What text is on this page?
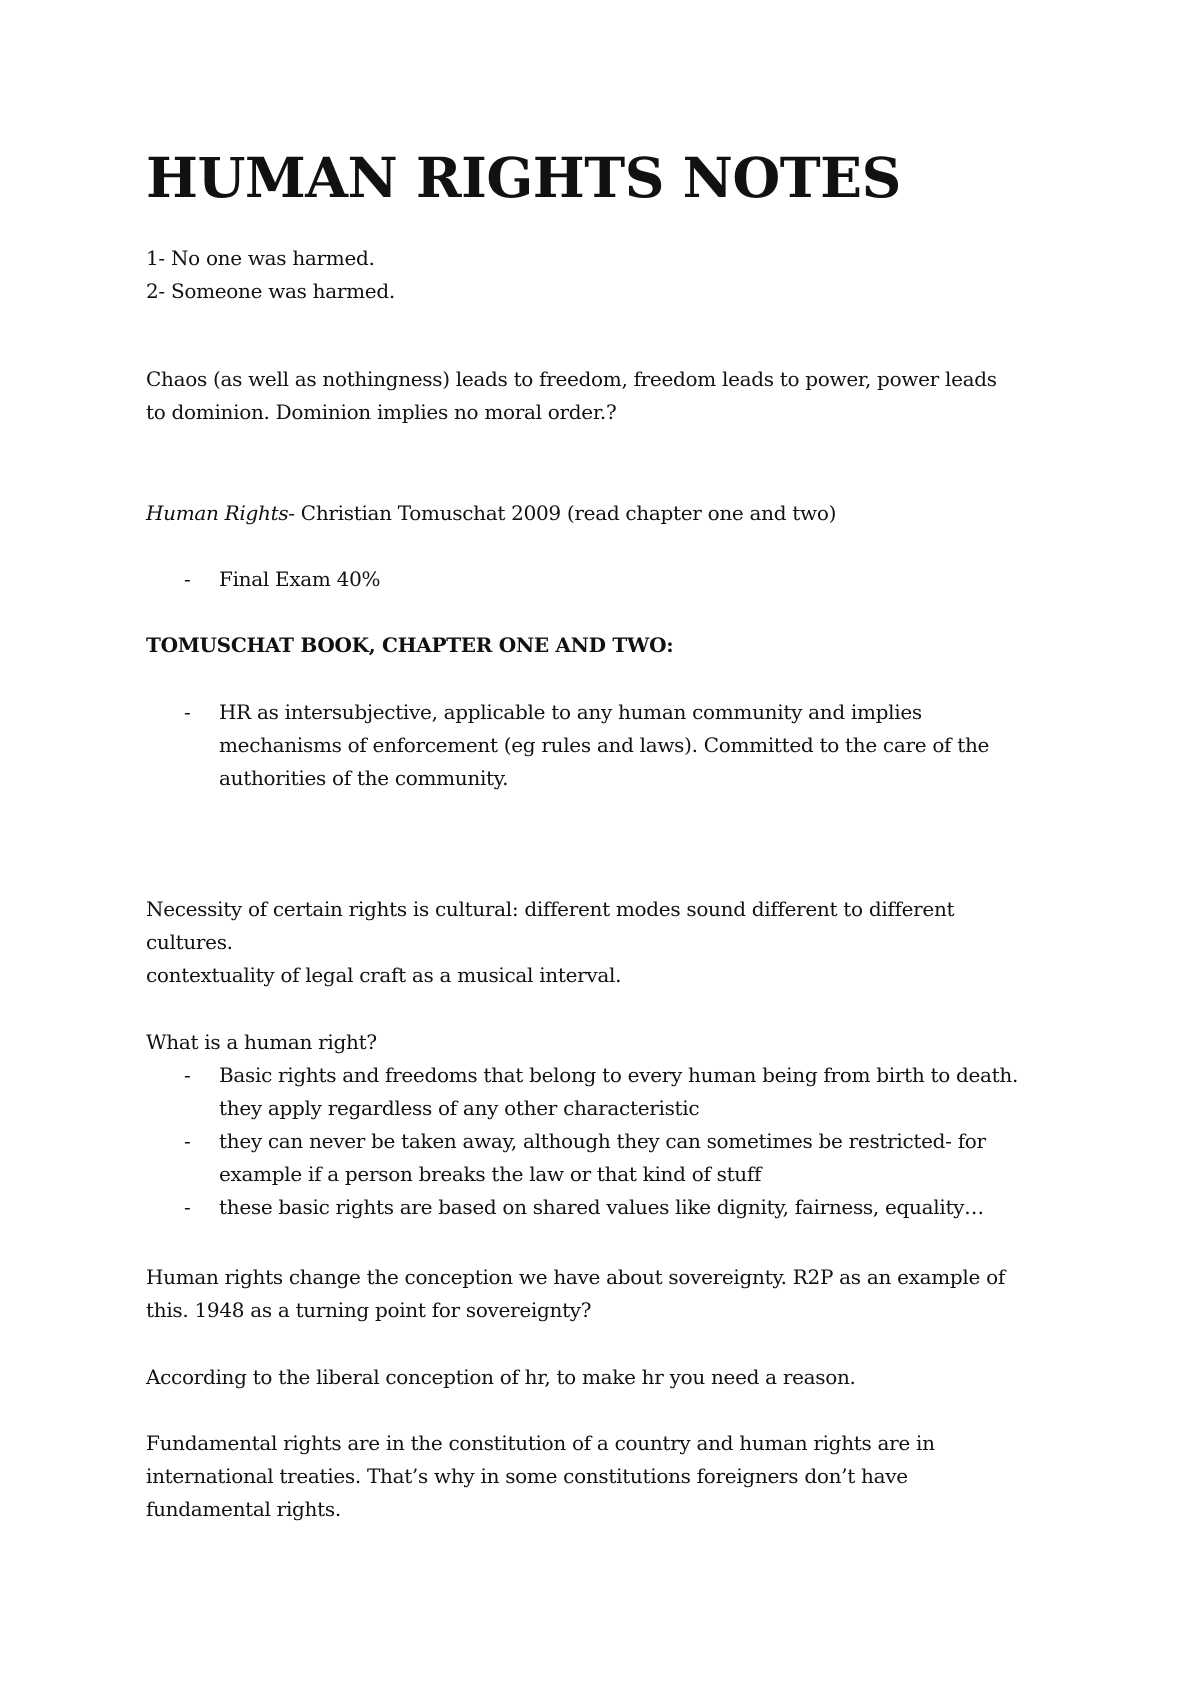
HUMAN RIGHTS NOTES
1- No one was harmed.
2- Someone was harmed.
Chaos (as well as nothingness) leads to freedom, freedom leads to power, power leads
to dominion. Dominion implies no moral order.?
Human Rights- Christian Tomuschat 2009 (read chapter one and two)
- Final Exam 40%
TOMUSCHAT BOOK, CHAPTER ONE AND TWO:
- HR as intersubjective, applicable to any human community and implies
mechanisms of enforcement (eg rules and laws). Committed to the care of the
authorities of the community.
Necessity of certain rights is cultural: different modes sound different to different
cultures.
contextuality of legal craft as a musical interval.
What is a human right?
- Basic rights and freedoms that belong to every human being from birth to death.
they apply regardless of any other characteristic
- they can never be taken away, although they can sometimes be restricted- for
example if a person breaks the law or that kind of stuff
- these basic rights are based on shared values like dignity, fairness, equality…
Human rights change the conception we have about sovereignty. R2P as an example of
this. 1948 as a turning point for sovereignty?
According to the liberal conception of hr, to make hr you need a reason.
Fundamental rights are in the constitution of a country and human rights are in
international treaties. That’s why in some constitutions foreigners don’t have
fundamental rights.
